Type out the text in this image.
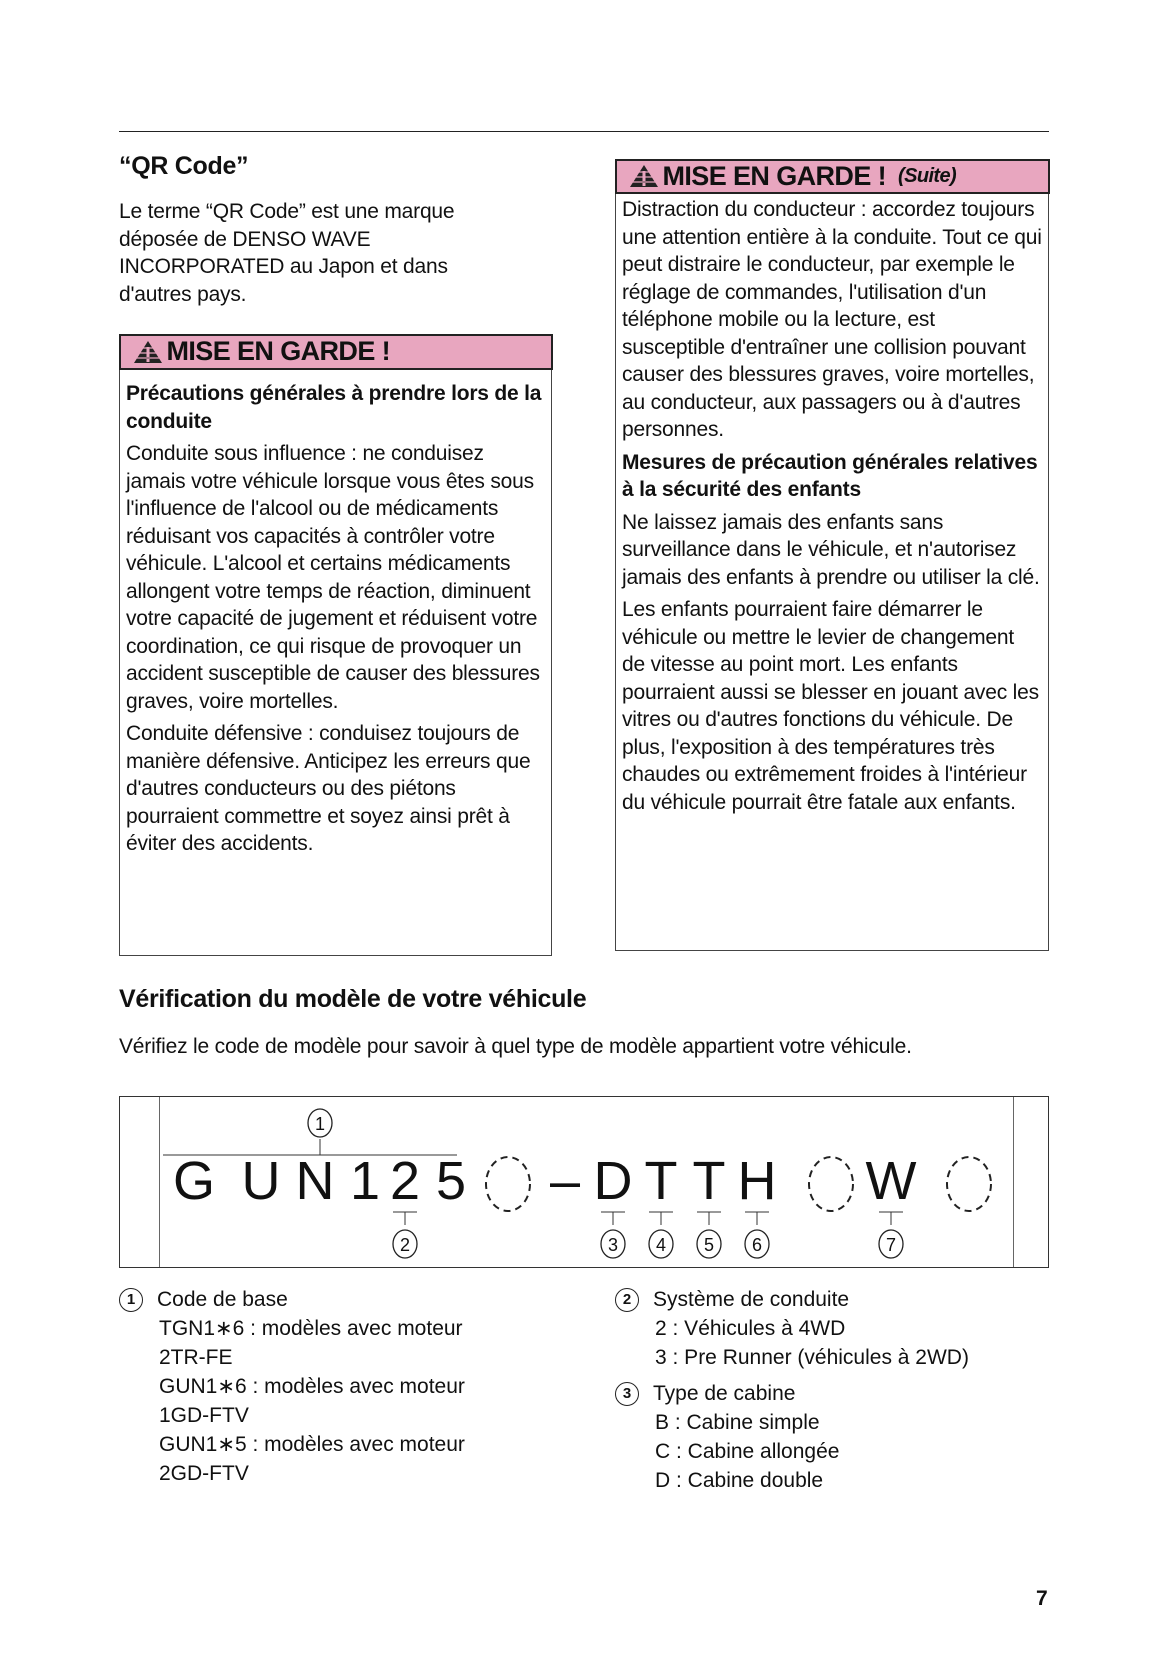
“QR Code”
Le terme “QR Code” est une marque déposée de DENSO WAVE INCORPORATED au Japon et dans d'autres pays.
MISE EN GARDE !

Précautions générales à prendre lors de la conduite

Conduite sous influence : ne conduisez jamais votre véhicule lorsque vous êtes sous l'influence de l'alcool ou de médicaments réduisant vos capacités à contrôler votre véhicule. L'alcool et certains médicaments allongent votre temps de réaction, diminuent votre capacité de jugement et réduisent votre coordination, ce qui risque de provoquer un accident susceptible de causer des blessures graves, voire mortelles.

Conduite défensive : conduisez toujours de manière défensive. Anticipez les erreurs que d'autres conducteurs ou des piétons pourraient commettre et soyez ainsi prêt à éviter des accidents.

MISE EN GARDE ! (Suite)

Distraction du conducteur : accordez toujours une attention entière à la conduite. Tout ce qui peut distraire le conducteur, par exemple le réglage de commandes, l'utilisation d'un téléphone mobile ou la lecture, est susceptible d'entraîner une collision pouvant causer des blessures graves, voire mortelles, au conducteur, aux passagers ou à d'autres personnes.

Mesures de précaution générales relatives à la sécurité des enfants

Ne laissez jamais des enfants sans surveillance dans le véhicule, et n'autorisez jamais des enfants à prendre ou utiliser la clé.

Les enfants pourraient faire démarrer le véhicule ou mettre le levier de changement de vitesse au point mort. Les enfants pourraient aussi se blesser en jouant avec les vitres ou d'autres fonctions du véhicule. De plus, l'exposition à des températures très chaudes ou extrêmement froides à l'intérieur du véhicule pourrait être fatale aux enfants.

Vérification du modèle de votre véhicule
Vérifiez le code de modèle pour savoir à quel type de modèle appartient votre véhicule.
G U N 1 2 5 – D T T H W
1
2	3 4 5 6	7
1 Code de base
TGN1∗6 : modèles avec moteur
2TR-FE
GUN1∗6 : modèles avec moteur
1GD-FTV
GUN1∗5 : modèles avec moteur
2GD-FTV
2 Système de conduite
2 : Véhicules à 4WD
3 : Pre Runner (véhicules à 2WD)
3 Type de cabine
B : Cabine simple
C : Cabine allongée
D : Cabine double
7
